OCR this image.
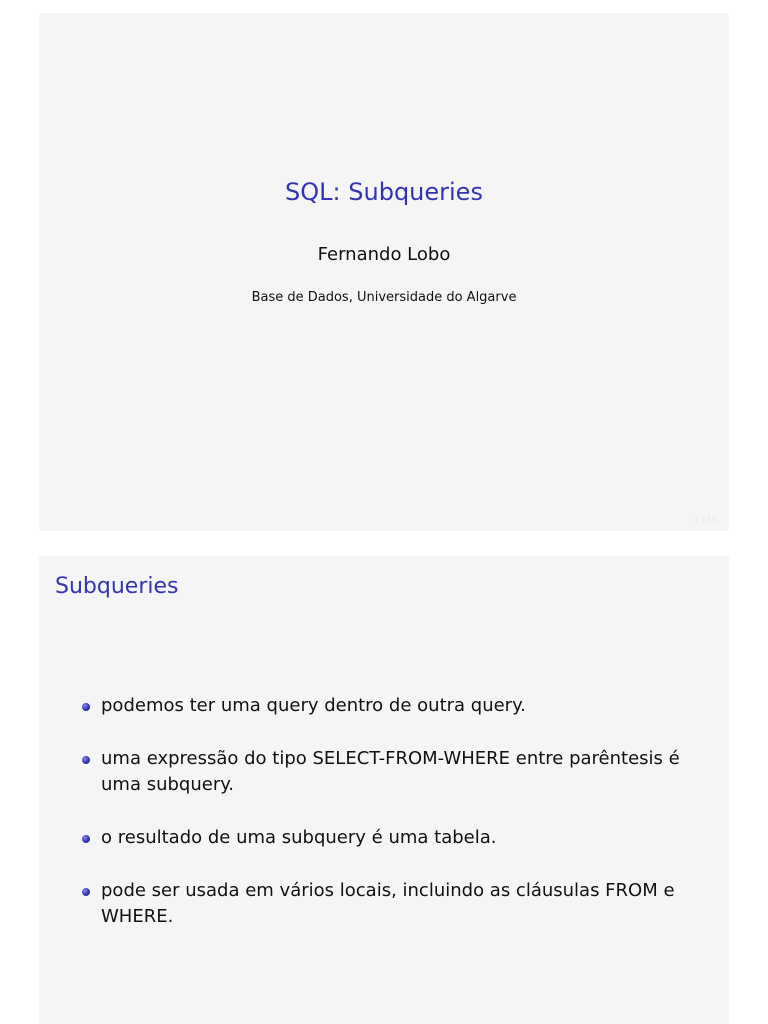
SQL: Subqueries
Fernando Lobo
Base de Dados, Universidade do Algarve
1 / 15
Subqueries
podemos ter uma query dentro de outra query.
uma expressão do tipo SELECT-FROM-WHERE entre parêntesis é uma subquery.
o resultado de uma subquery é uma tabela.
pode ser usada em vários locais, incluindo as cláusulas FROM e WHERE.
